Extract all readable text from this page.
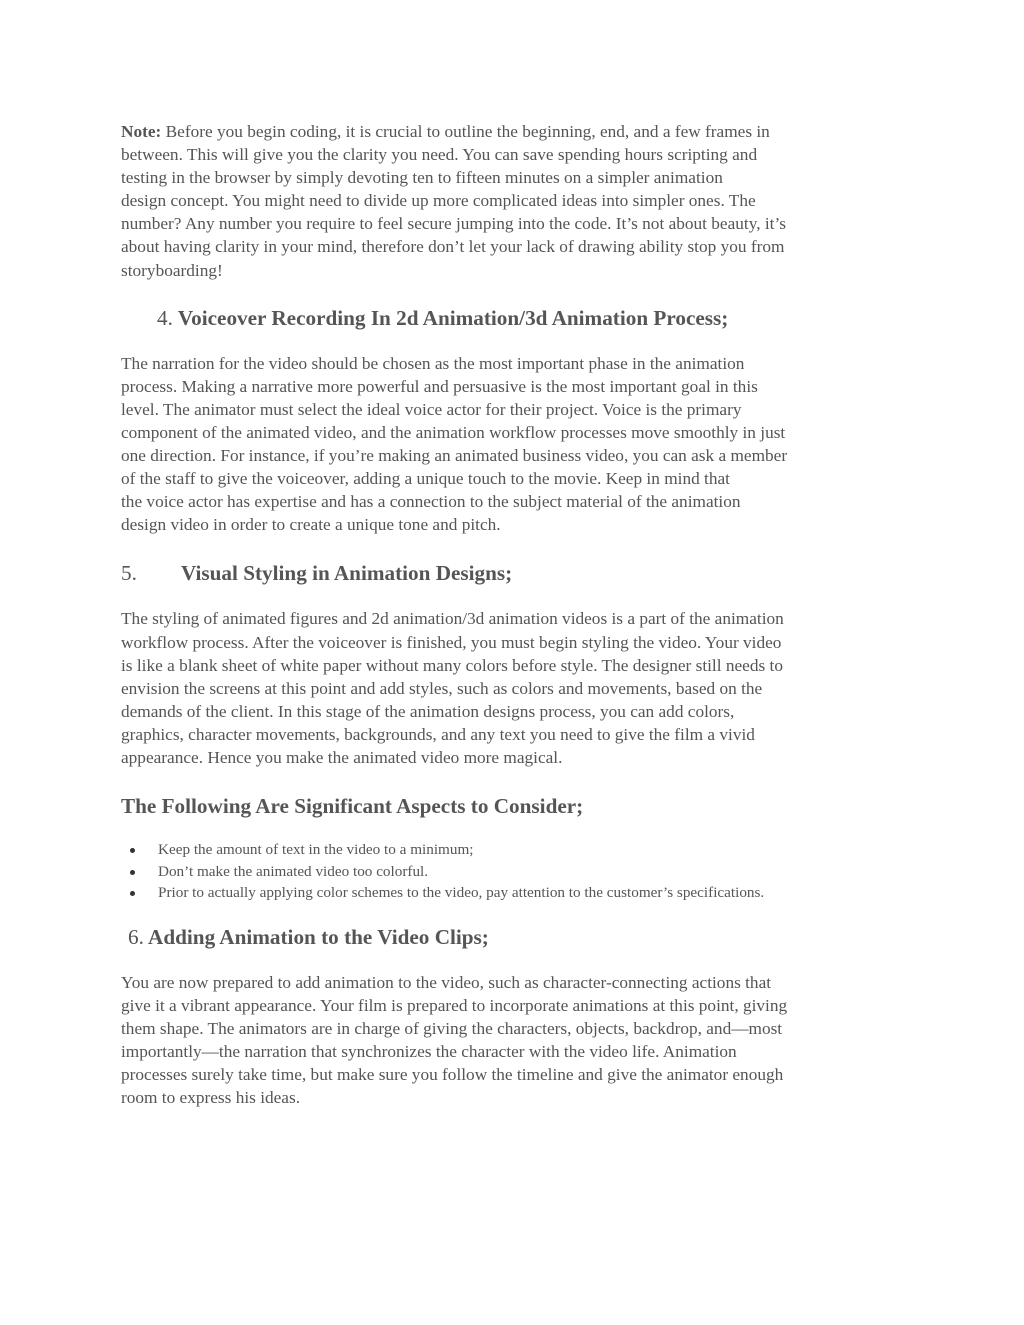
Note: Before you begin coding, it is crucial to outline the beginning, end, and a few frames in
between. This will give you the clarity you need. You can save spending hours scripting and
testing in the browser by simply devoting ten to fifteen minutes on a simpler animation
design concept. You might need to divide up more complicated ideas into simpler ones. The
number? Any number you require to feel secure jumping into the code. It’s not about beauty, it’s
about having clarity in your mind, therefore don’t let your lack of drawing ability stop you from
storyboarding!

4. Voiceover Recording In 2d Animation/3d Animation Process;

The narration for the video should be chosen as the most important phase in the animation
process. Making a narrative more powerful and persuasive is the most important goal in this
level. The animator must select the ideal voice actor for their project. Voice is the primary
component of the animated video, and the animation workflow processes move smoothly in just
one direction. For instance, if you’re making an animated business video, you can ask a member
of the staff to give the voiceover, adding a unique touch to the movie. Keep in mind that
the voice actor has expertise and has a connection to the subject material of the animation
design video in order to create a unique tone and pitch.

5. Visual Styling in Animation Designs;

The styling of animated figures and 2d animation/3d animation videos is a part of the animation
workflow process. After the voiceover is finished, you must begin styling the video. Your video
is like a blank sheet of white paper without many colors before style. The designer still needs to
envision the screens at this point and add styles, such as colors and movements, based on the
demands of the client. In this stage of the animation designs process, you can add colors,
graphics, character movements, backgrounds, and any text you need to give the film a vivid
appearance. Hence you make the animated video more magical.

The Following Are Significant Aspects to Consider;
Keep the amount of text in the video to a minimum;
Don’t make the animated video too colorful.
Prior to actually applying color schemes to the video, pay attention to the customer’s specifications.
6. Adding Animation to the Video Clips;

You are now prepared to add animation to the video, such as character-connecting actions that
give it a vibrant appearance. Your film is prepared to incorporate animations at this point, giving
them shape. The animators are in charge of giving the characters, objects, backdrop, and—most
importantly—the narration that synchronizes the character with the video life. Animation
processes surely take time, but make sure you follow the timeline and give the animator enough
room to express his ideas.
